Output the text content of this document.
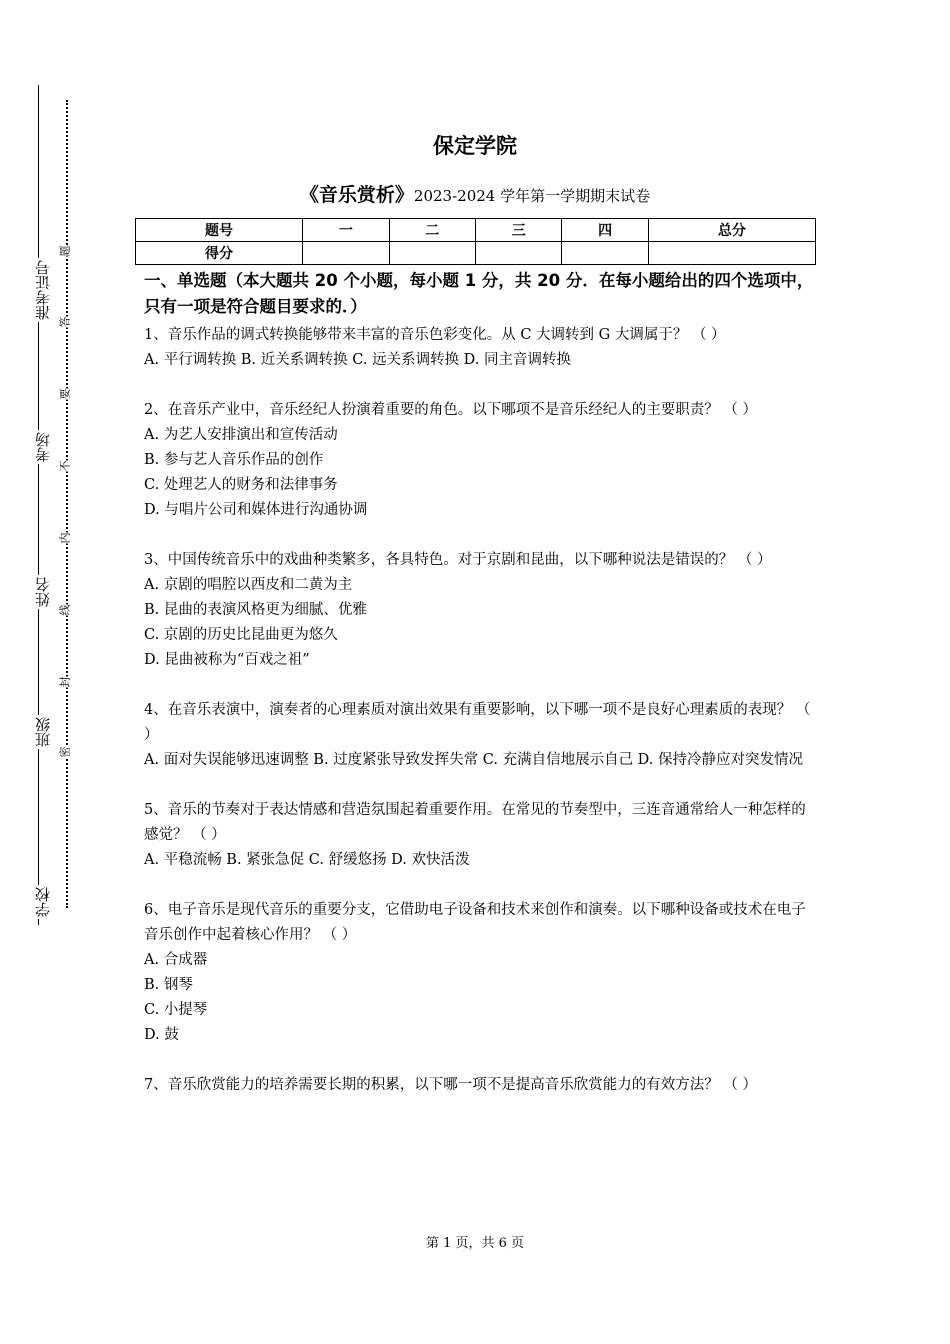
准考证号
考场
姓名
班级
学校
题
答
要
不
内
线
封
密
保定学院
《音乐赏析》2023-2024 学年第一学期期末试卷
题号	一	二	三	四	总分
得分					
一、单选题（本大题共 20 个小题，每小题 1 分，共 20 分．在每小题给出的四个选项中，只有一项是符合题目要求的．）

1、音乐作品的调式转换能够带来丰富的音乐色彩变化。从 C 大调转到 G 大调属于？ （ ）

A. 平行调转换 B. 近关系调转换 C. 远关系调转换 D. 同主音调转换

2、在音乐产业中，音乐经纪人扮演着重要的角色。以下哪项不是音乐经纪人的主要职责？ （ ）

A. 为艺人安排演出和宣传活动

B. 参与艺人音乐作品的创作

C. 处理艺人的财务和法律事务

D. 与唱片公司和媒体进行沟通协调

3、中国传统音乐中的戏曲种类繁多，各具特色。对于京剧和昆曲，以下哪种说法是错误的？ （ ）

A. 京剧的唱腔以西皮和二黄为主

B. 昆曲的表演风格更为细腻、优雅

C. 京剧的历史比昆曲更为悠久

D. 昆曲被称为“百戏之祖”

4、在音乐表演中，演奏者的心理素质对演出效果有重要影响，以下哪一项不是良好心理素质的表现？ （ ）

A. 面对失误能够迅速调整 B. 过度紧张导致发挥失常 C. 充满自信地展示自己 D. 保持冷静应对突发情况

5、音乐的节奏对于表达情感和营造氛围起着重要作用。在常见的节奏型中，三连音通常给人一种怎样的感觉？ （ ）

A. 平稳流畅 B. 紧张急促 C. 舒缓悠扬 D. 欢快活泼

6、电子音乐是现代音乐的重要分支，它借助电子设备和技术来创作和演奏。以下哪种设备或技术在电子音乐创作中起着核心作用？ （ ）

A. 合成器

B. 钢琴

C. 小提琴

D. 鼓

7、音乐欣赏能力的培养需要长期的积累，以下哪一项不是提高音乐欣赏能力的有效方法？ （ ）

第 1 页，共 6 页
